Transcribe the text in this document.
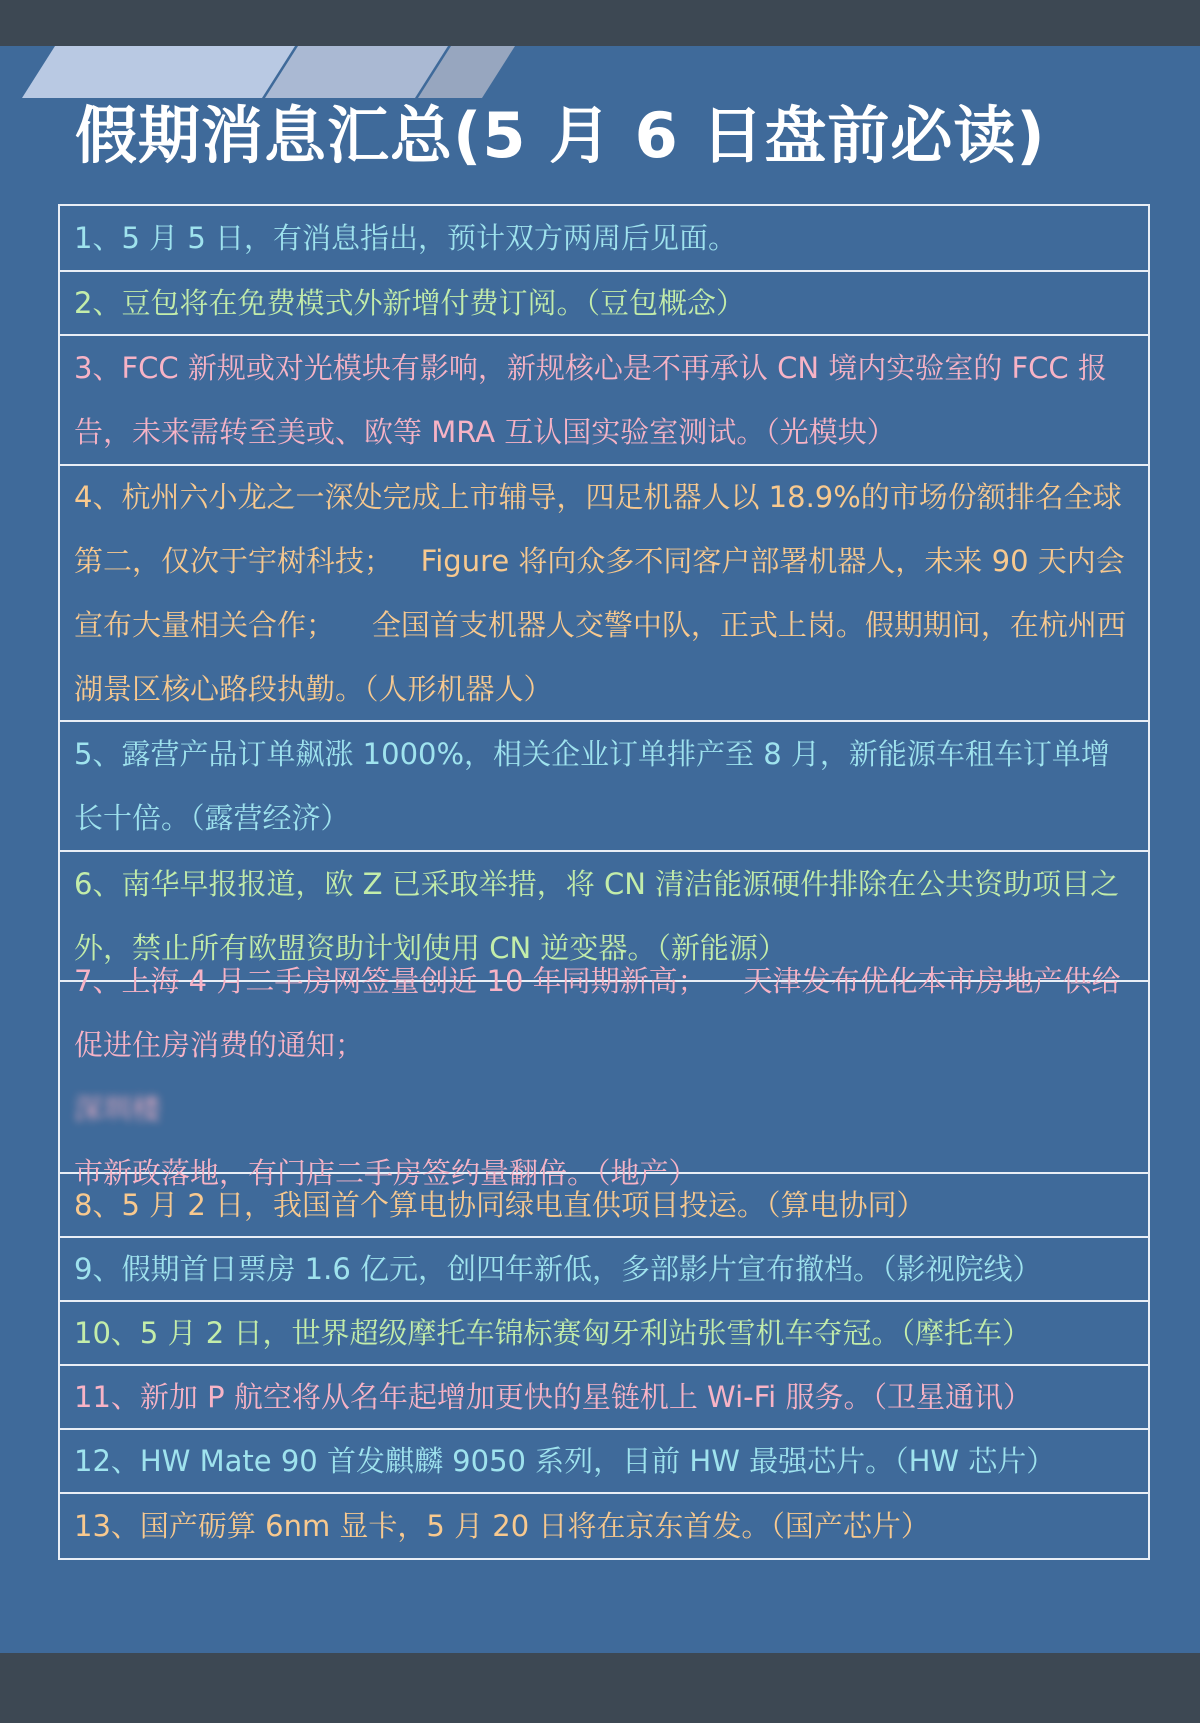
假期消息汇总(5 月 6 日盘前必读)
1、5 月 5 日，有消息指出，预计双方两周后见面。
2、豆包将在免费模式外新增付费订阅。（豆包概念）
3、FCC 新规或对光模块有影响，新规核心是不再承认 CN 境内实验室的 FCC 报告，未来需转至美或、欧等 MRA 互认国实验室测试。（光模块）
4、杭州六小龙之一深处完成上市辅导，四足机器人以 18.9%的市场份额排名全球第二，仅次于宇树科技；   Figure 将向众多不同客户部署机器人，未来 90 天内会宣布大量相关合作；    全国首支机器人交警中队，正式上岗。假期期间，在杭州西湖景区核心路段执勤。（人形机器人）
5、露营产品订单飙涨 1000%，相关企业订单排产至 8 月，新能源车租车订单增长十倍。（露营经济）
6、南华早报报道，欧 Z 已采取举措，将 CN 清洁能源硬件排除在公共资助项目之外，禁止所有欧盟资助计划使用 CN 逆变器。（新能源）
7、上海 4 月二手房网签量创近 10 年同期新高；    天津发布优化本市房地产供给促进住房消费的通知；
深圳楼
市新政落地，有门店二手房签约量翻倍。（地产）
8、5 月 2 日，我国首个算电协同绿电直供项目投运。（算电协同）
9、假期首日票房 1.6 亿元，创四年新低，多部影片宣布撤档。（影视院线）
10、5 月 2 日，世界超级摩托车锦标赛匈牙利站张雪机车夺冠。（摩托车）
11、新加 P 航空将从名年起增加更快的星链机上 Wi-Fi 服务。（卫星通讯）
12、HW Mate 90 首发麒麟 9050 系列，目前 HW 最强芯片。（HW 芯片）
13、国产砺算 6nm 显卡，5 月 20 日将在京东首发。（国产芯片）
